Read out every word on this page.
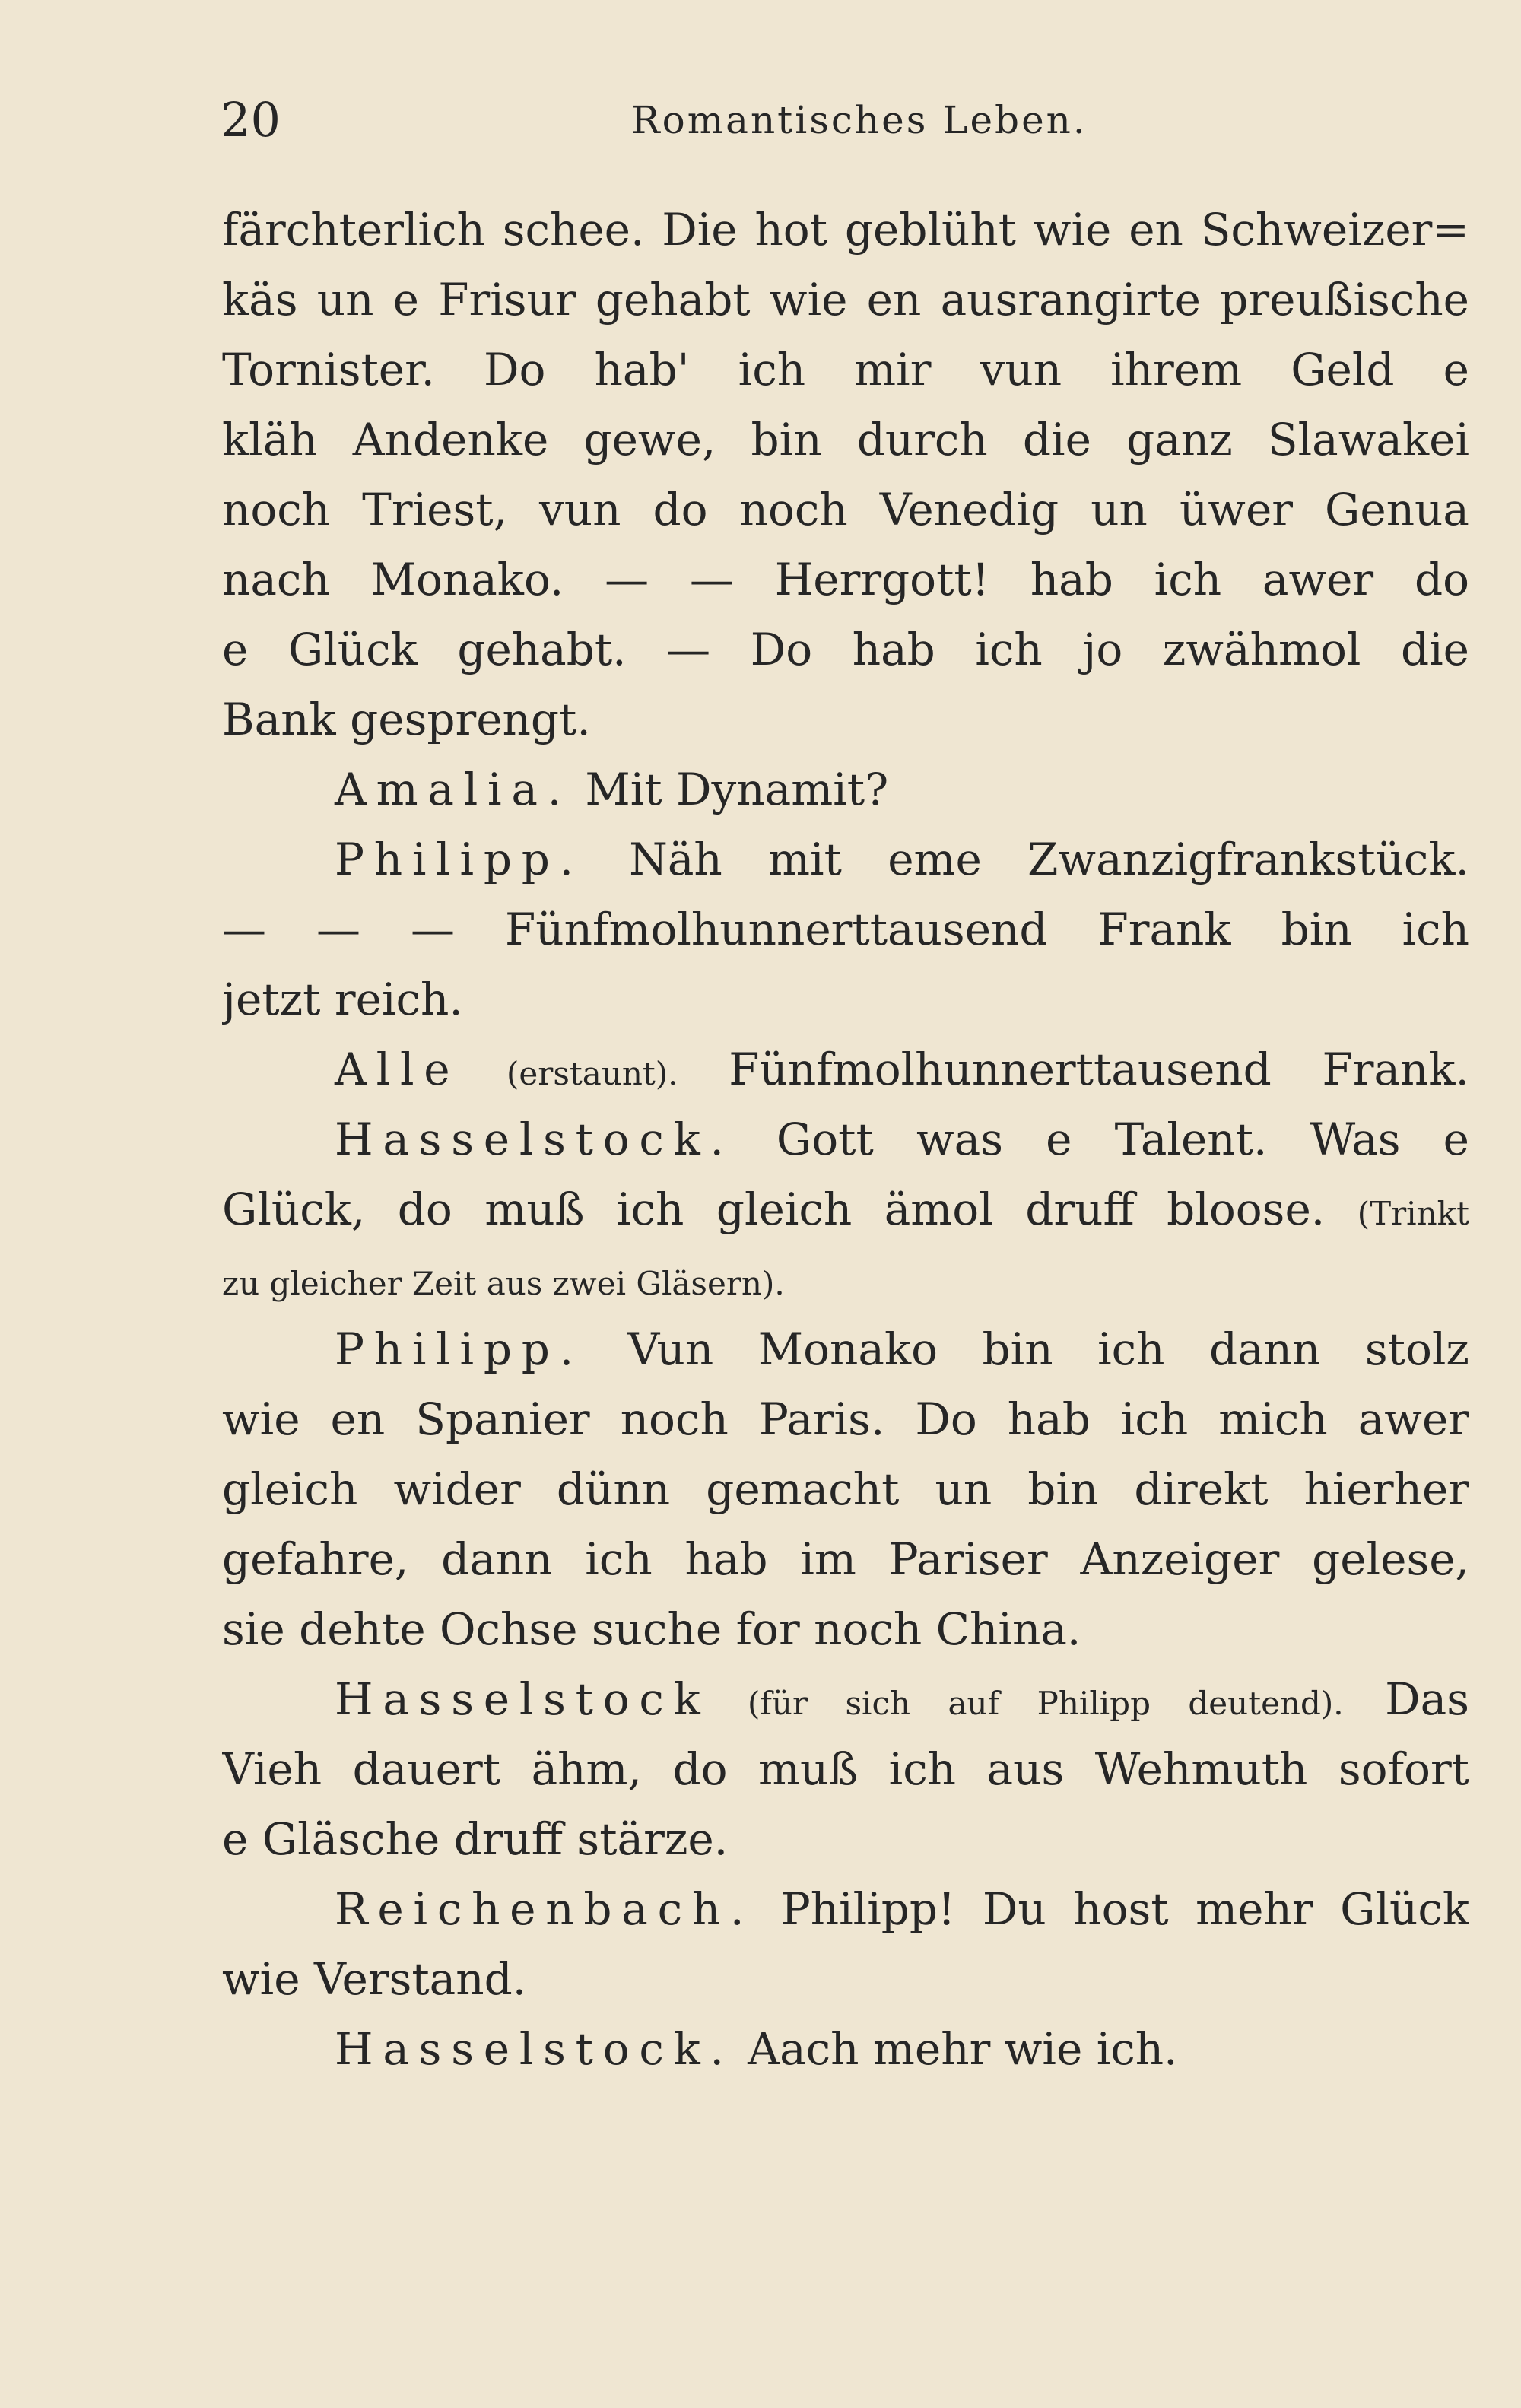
20	Romantisches Leben.
färchterlich schee. Die hot geblüht wie en Schweizer=
käs un e Frisur gehabt wie en ausrangirte preußische
Tornister. Do hab' ich mir vun ihrem Geld e
kläh Andenke gewe, bin durch die ganz Slawakei
noch Triest, vun do noch Venedig un üwer Genua
nach Monako. — — Herrgott! hab ich awer do
e Glück gehabt. — Do hab ich jo zwähmol die
Bank gesprengt.
Amalia. Mit Dynamit?
Philipp. Näh mit eme Zwanzigfrankstück.
— — — Fünfmolhunnerttausend Frank bin ich
jetzt reich.
Alle (erstaunt). Fünfmolhunnerttausend Frank.
Hasselstock. Gott was e Talent. Was e
Glück, do muß ich gleich ämol druff bloose. (Trinkt
zu gleicher Zeit aus zwei Gläsern).
Philipp. Vun Monako bin ich dann stolz
wie en Spanier noch Paris. Do hab ich mich awer
gleich wider dünn gemacht un bin direkt hierher
gefahre, dann ich hab im Pariser Anzeiger gelese,
sie dehte Ochse suche for noch China.
Hasselstock (für sich auf Philipp deutend). Das
Vieh dauert ähm, do muß ich aus Wehmuth sofort
e Gläsche druff stärze.
Reichenbach. Philipp! Du host mehr Glück
wie Verstand.
Hasselstock. Aach mehr wie ich.
